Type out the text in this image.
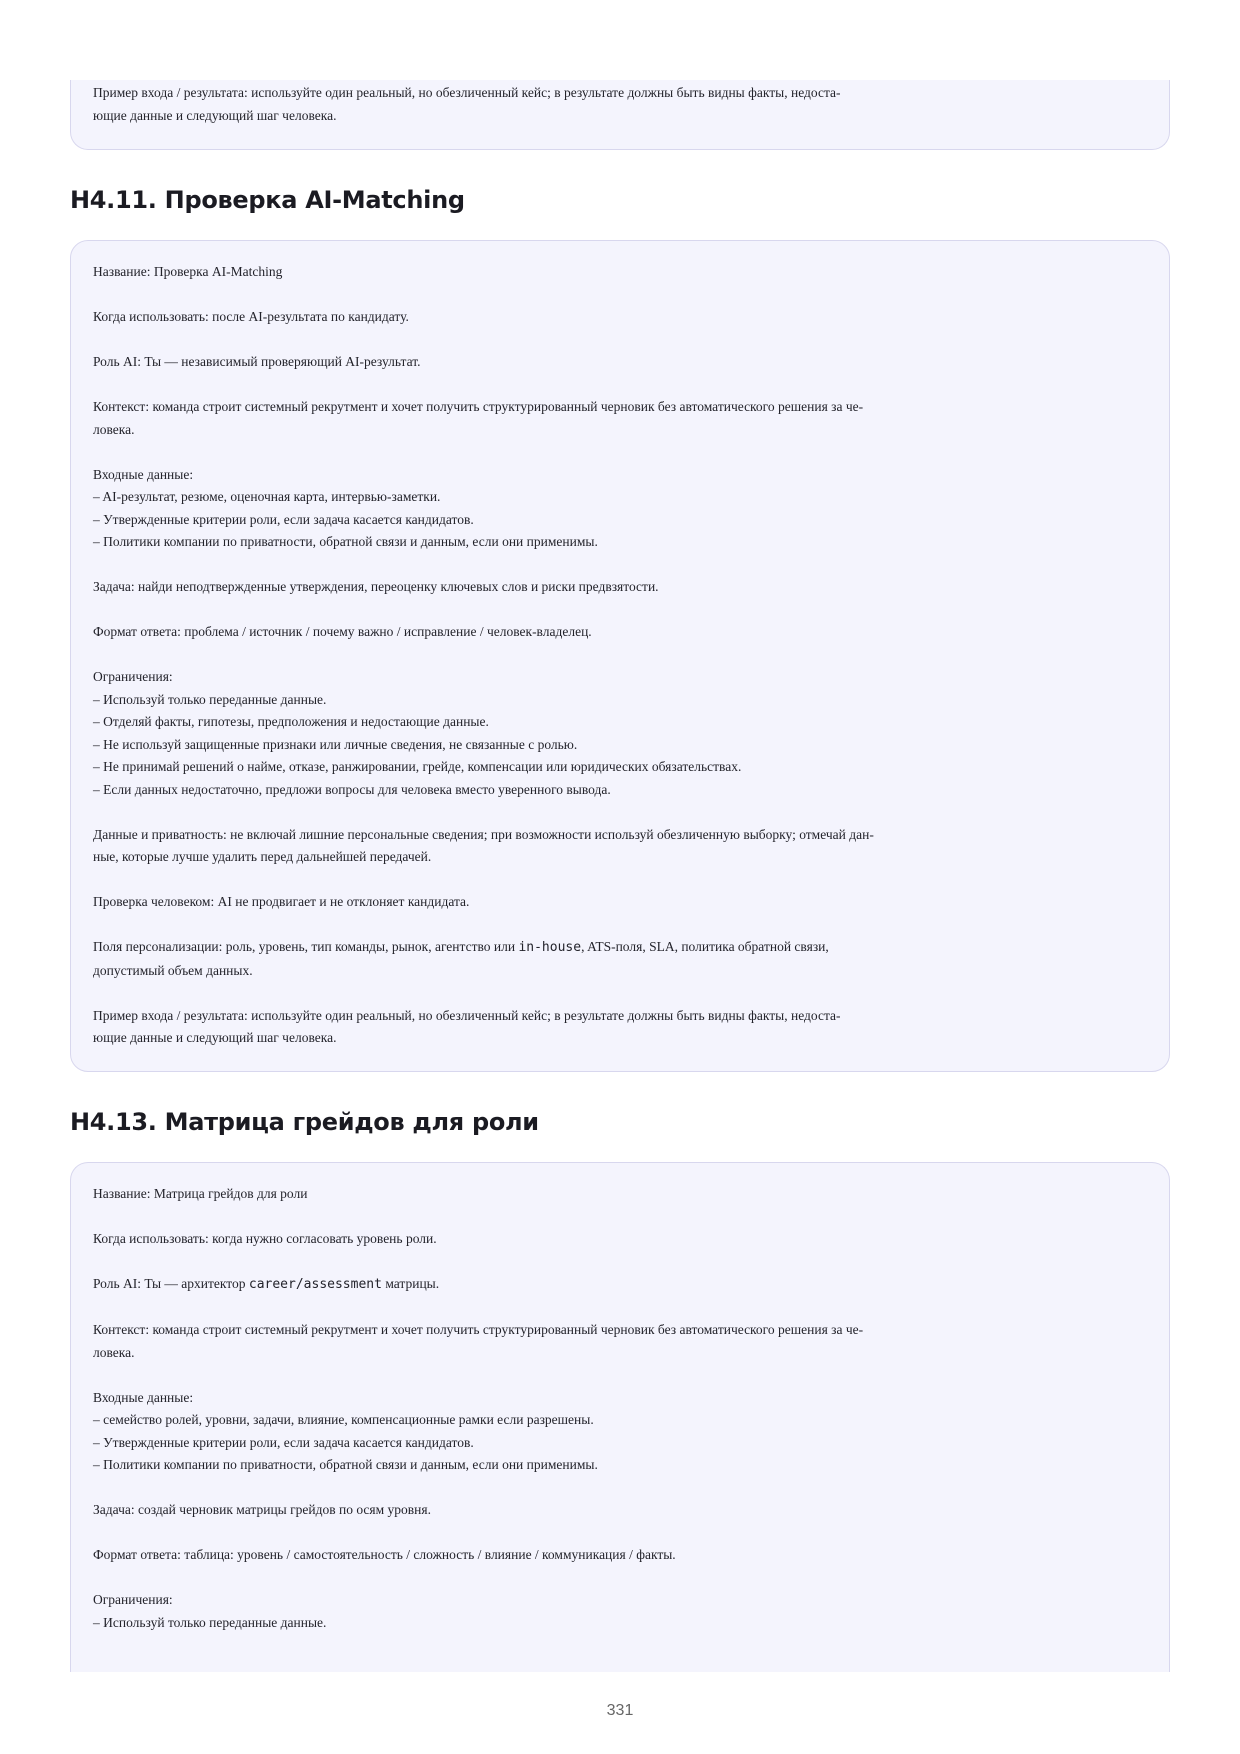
Пример входа / результата: используйте один реальный, но обезличенный кейс; в результате должны быть видны факты, недоста-
ющие данные и следующий шаг человека.
H4.11. Проверка AI-Matching
Название: Проверка AI-Matching
Когда использовать: после AI-результата по кандидату.
Роль AI: Ты — независимый проверяющий AI-результат.
Контекст: команда строит системный рекрутмент и хочет получить структурированный черновик без автоматического решения за че-
ловека.
Входные данные:
– AI-результат, резюме, оценочная карта, интервью-заметки.
– Утвержденные критерии роли, если задача касается кандидатов.
– Политики компании по приватности, обратной связи и данным, если они применимы.
Задача: найди неподтвержденные утверждения, переоценку ключевых слов и риски предвзятости.
Формат ответа: проблема / источник / почему важно / исправление / человек-владелец.
Ограничения:
– Используй только переданные данные.
– Отделяй факты, гипотезы, предположения и недостающие данные.
– Не используй защищенные признаки или личные сведения, не связанные с ролью.
– Не принимай решений о найме, отказе, ранжировании, грейде, компенсации или юридических обязательствах.
– Если данных недостаточно, предложи вопросы для человека вместо уверенного вывода.
Данные и приватность: не включай лишние персональные сведения; при возможности используй обезличенную выборку; отмечай дан-
ные, которые лучше удалить перед дальнейшей передачей.
Проверка человеком: AI не продвигает и не отклоняет кандидата.
Поля персонализации: роль, уровень, тип команды, рынок, агентство или in-house, ATS-поля, SLA, политика обратной связи,
допустимый объем данных.
Пример входа / результата: используйте один реальный, но обезличенный кейс; в результате должны быть видны факты, недоста-
ющие данные и следующий шаг человека.
H4.13. Матрица грейдов для роли
Название: Матрица грейдов для роли
Когда использовать: когда нужно согласовать уровень роли.
Роль AI: Ты — архитектор career/assessment матрицы.
Контекст: команда строит системный рекрутмент и хочет получить структурированный черновик без автоматического решения за че-
ловека.
Входные данные:
– семейство ролей, уровни, задачи, влияние, компенсационные рамки если разрешены.
– Утвержденные критерии роли, если задача касается кандидатов.
– Политики компании по приватности, обратной связи и данным, если они применимы.
Задача: создай черновик матрицы грейдов по осям уровня.
Формат ответа: таблица: уровень / самостоятельность / сложность / влияние / коммуникация / факты.
Ограничения:
– Используй только переданные данные.
331
